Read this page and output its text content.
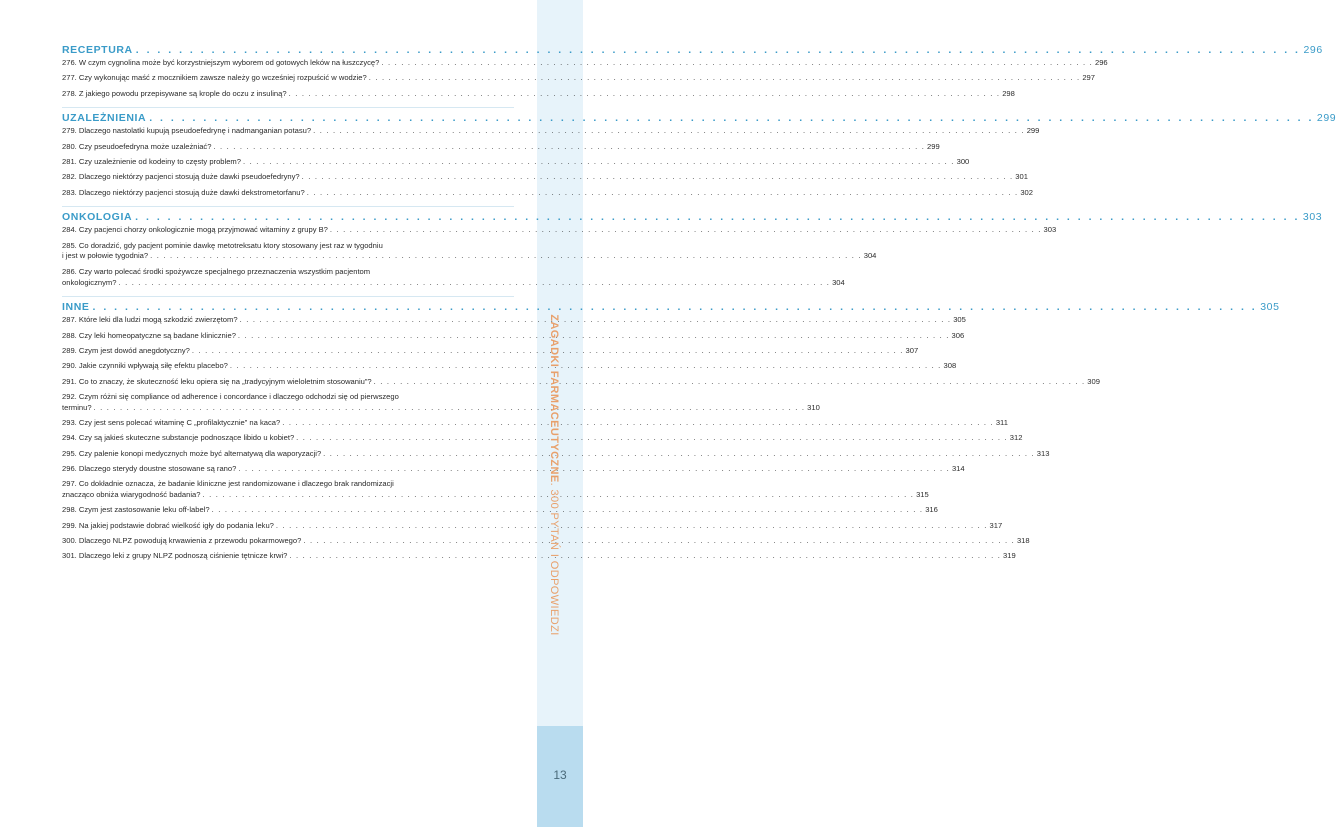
RECEPTURA . . . . . . . . . . . . . . . . . . . . . . . . . . . . . . . . . . . . . . . . . . . . . . . . . . . . . . . . . . . . . . . . . . . . . . . . . . . . . . . . . . . . . . . . . . . . . . . . . . . . . . . . . . . . 296
276. W czym cygnolina może być korzystniejszym wyborem od gotowych leków na łuszczycę? . . . . . . . . . . . . . . . . . . . . . . . . . . . . . . . . . . . . . . . . . . . . . . . . . . . . . . . . . . . . . . . . . . . . . . . . . . . . . . . . . . . . . . . . . . . . . . . . . . . . . . . . . . . . 296
277. Czy wykonując maść z mocznikiem zawsze należy go wcześniej rozpuścić w wodzie? . . . . . . . . . . . . . . . . . . . . . . . . . . . . . . . . . . . . . . . . . . . . . . . . . . . . . . . . . . . . . . . . . . . . . . . . . . . . . . . . . . . . . . . . . . . . . . . . . . . . . . . . . . . . 297
278. Z jakiego powodu przepisywane są krople do oczu z insuliną? . . . . . . . . . . . . . . . . . . . . . . . . . . . . . . . . . . . . . . . . . . . . . . . . . . . . . . . . . . . . . . . . . . . . . . . . . . . . . . . . . . . . . . . . . . . . . . . . . . . . . . . . . . . . 298
UZALEŻNIENIA . . . . . . . . . . . . . . . . . . . . . . . . . . . . . . . . . . . . . . . . . . . . . . . . . . . . . . . . . . . . . . . . . . . . . . . . . . . . . . . . . . . . . . . . . . . . . . . . . . . . . . . . . . . . 299
279. Dlaczego nastolatki kupują pseudoefedrynę i nadmanganian potasu? . . . . . . . . . . . . . . . . . . . . . . . . . . . . . . . . . . . . . . . . . . . . . . . . . . . . . . . . . . . . . . . . . . . . . . . . . . . . . . . . . . . . . . . . . . . . . . . . . . . . . . . . . . . . 299
280. Czy pseudoefedryna może uzależniać? . . . . . . . . . . . . . . . . . . . . . . . . . . . . . . . . . . . . . . . . . . . . . . . . . . . . . . . . . . . . . . . . . . . . . . . . . . . . . . . . . . . . . . . . . . . . . . . . . . . . . . . . . . . . 299
281. Czy uzależnienie od kodeiny to częsty problem? . . . . . . . . . . . . . . . . . . . . . . . . . . . . . . . . . . . . . . . . . . . . . . . . . . . . . . . . . . . . . . . . . . . . . . . . . . . . . . . . . . . . . . . . . . . . . . . . . . . . . . . . . . . . 300
282. Dlaczego niektórzy pacjenci stosują duże dawki pseudoefedryny? . . . . . . . . . . . . . . . . . . . . . . . . . . . . . . . . . . . . . . . . . . . . . . . . . . . . . . . . . . . . . . . . . . . . . . . . . . . . . . . . . . . . . . . . . . . . . . . . . . . . . . . . . . . . 301
283. Dlaczego niektórzy pacjenci stosują duże dawki dekstrometorfanu? . . . . . . . . . . . . . . . . . . . . . . . . . . . . . . . . . . . . . . . . . . . . . . . . . . . . . . . . . . . . . . . . . . . . . . . . . . . . . . . . . . . . . . . . . . . . . . . . . . . . . . . . . . . . 302
ONKOLOGIA . . . . . . . . . . . . . . . . . . . . . . . . . . . . . . . . . . . . . . . . . . . . . . . . . . . . . . . . . . . . . . . . . . . . . . . . . . . . . . . . . . . . . . . . . . . . . . . . . . . . . . . . . . . . 303
284. Czy pacjenci chorzy onkologicznie mogą przyjmować witaminy z grupy B? . . . . . . . . . . . . . . . . . . . . . . . . . . . . . . . . . . . . . . . . . . . . . . . . . . . . . . . . . . . . . . . . . . . . . . . . . . . . . . . . . . . . . . . . . . . . . . . . . . . . . . . . . . . . 303
285. Co doradzić, gdy pacjent pominie dawkę metotreksatu ktory stosowany jest raz w tygodniu
i jest w połowie tygodnia? . . . . . . . . . . . . . . . . . . . . . . . . . . . . . . . . . . . . . . . . . . . . . . . . . . . . . . . . . . . . . . . . . . . . . . . . . . . . . . . . . . . . . . . . . . . . . . . . . . . . . . . . . . . . 304
286. Czy warto polecać środki spożywcze specjalnego przeznaczenia wszystkim pacjentom
onkologicznym? . . . . . . . . . . . . . . . . . . . . . . . . . . . . . . . . . . . . . . . . . . . . . . . . . . . . . . . . . . . . . . . . . . . . . . . . . . . . . . . . . . . . . . . . . . . . . . . . . . . . . . . . . . . . 304
INNE . . . . . . . . . . . . . . . . . . . . . . . . . . . . . . . . . . . . . . . . . . . . . . . . . . . . . . . . . . . . . . . . . . . . . . . . . . . . . . . . . . . . . . . . . . . . . . . . . . . . . . . . . . . . 305
287. Które leki dla ludzi mogą szkodzić zwierzętom? . . . . . . . . . . . . . . . . . . . . . . . . . . . . . . . . . . . . . . . . . . . . . . . . . . . . . . . . . . . . . . . . . . . . . . . . . . . . . . . . . . . . . . . . . . . . . . . . . . . . . . . . . . . . 305
288. Czy leki homeopatyczne są badane klinicznie? . . . . . . . . . . . . . . . . . . . . . . . . . . . . . . . . . . . . . . . . . . . . . . . . . . . . . . . . . . . . . . . . . . . . . . . . . . . . . . . . . . . . . . . . . . . . . . . . . . . . . . . . . . . . 306
289. Czym jest dowód anegdotyczny? . . . . . . . . . . . . . . . . . . . . . . . . . . . . . . . . . . . . . . . . . . . . . . . . . . . . . . . . . . . . . . . . . . . . . . . . . . . . . . . . . . . . . . . . . . . . . . . . . . . . . . . . . . . . 307
290. Jakie czynniki wpływają siłę efektu placebo? . . . . . . . . . . . . . . . . . . . . . . . . . . . . . . . . . . . . . . . . . . . . . . . . . . . . . . . . . . . . . . . . . . . . . . . . . . . . . . . . . . . . . . . . . . . . . . . . . . . . . . . . . . . . 308
291. Co to znaczy, że skuteczność leku opiera się na „tradycyjnym wieloletnim stosowaniu”? . . . . . . . . . . . . . . . . . . . . . . . . . . . . . . . . . . . . . . . . . . . . . . . . . . . . . . . . . . . . . . . . . . . . . . . . . . . . . . . . . . . . . . . . . . . . . . . . . . . . . . . . . . . . 309
292. Czym różni się compliance od adherence i concordance i dlaczego odchodzi się od pierwszego
terminu? . . . . . . . . . . . . . . . . . . . . . . . . . . . . . . . . . . . . . . . . . . . . . . . . . . . . . . . . . . . . . . . . . . . . . . . . . . . . . . . . . . . . . . . . . . . . . . . . . . . . . . . . . . . . 310
293. Czy jest sens polecać witaminę C „profilaktycznie” na kaca? . . . . . . . . . . . . . . . . . . . . . . . . . . . . . . . . . . . . . . . . . . . . . . . . . . . . . . . . . . . . . . . . . . . . . . . . . . . . . . . . . . . . . . . . . . . . . . . . . . . . . . . . . . . . 311
294. Czy są jakieś skuteczne substancje podnoszące libido u kobiet? . . . . . . . . . . . . . . . . . . . . . . . . . . . . . . . . . . . . . . . . . . . . . . . . . . . . . . . . . . . . . . . . . . . . . . . . . . . . . . . . . . . . . . . . . . . . . . . . . . . . . . . . . . . . 312
295. Czy palenie konopi medycznych może być alternatywą dla waporyzacji? . . . . . . . . . . . . . . . . . . . . . . . . . . . . . . . . . . . . . . . . . . . . . . . . . . . . . . . . . . . . . . . . . . . . . . . . . . . . . . . . . . . . . . . . . . . . . . . . . . . . . . . . . . . . 313
296. Dlaczego sterydy doustne stosowane są rano? . . . . . . . . . . . . . . . . . . . . . . . . . . . . . . . . . . . . . . . . . . . . . . . . . . . . . . . . . . . . . . . . . . . . . . . . . . . . . . . . . . . . . . . . . . . . . . . . . . . . . . . . . . . . 314
297. Co dokładnie oznacza, że badanie kliniczne jest randomizowane i dlaczego brak randomizacji
znacząco obniża wiarygodność badania? . . . . . . . . . . . . . . . . . . . . . . . . . . . . . . . . . . . . . . . . . . . . . . . . . . . . . . . . . . . . . . . . . . . . . . . . . . . . . . . . . . . . . . . . . . . . . . . . . . . . . . . . . . . . 315
298. Czym jest zastosowanie leku off-label? . . . . . . . . . . . . . . . . . . . . . . . . . . . . . . . . . . . . . . . . . . . . . . . . . . . . . . . . . . . . . . . . . . . . . . . . . . . . . . . . . . . . . . . . . . . . . . . . . . . . . . . . . . . . 316
299. Na jakiej podstawie dobrać wielkość igły do podania leku? . . . . . . . . . . . . . . . . . . . . . . . . . . . . . . . . . . . . . . . . . . . . . . . . . . . . . . . . . . . . . . . . . . . . . . . . . . . . . . . . . . . . . . . . . . . . . . . . . . . . . . . . . . . . 317
300. Dlaczego NLPZ powodują krwawienia z przewodu pokarmowego? . . . . . . . . . . . . . . . . . . . . . . . . . . . . . . . . . . . . . . . . . . . . . . . . . . . . . . . . . . . . . . . . . . . . . . . . . . . . . . . . . . . . . . . . . . . . . . . . . . . . . . . . . . . . 318
301. Dlaczego leki z grupy NLPZ podnoszą ciśnienie tętnicze krwi? . . . . . . . . . . . . . . . . . . . . . . . . . . . . . . . . . . . . . . . . . . . . . . . . . . . . . . . . . . . . . . . . . . . . . . . . . . . . . . . . . . . . . . . . . . . . . . . . . . . . . . . . . . . . 319
ZAGADKI FARMACEUTYCZNE. 300 PYTAŃ I ODPOWIEDZI
13
